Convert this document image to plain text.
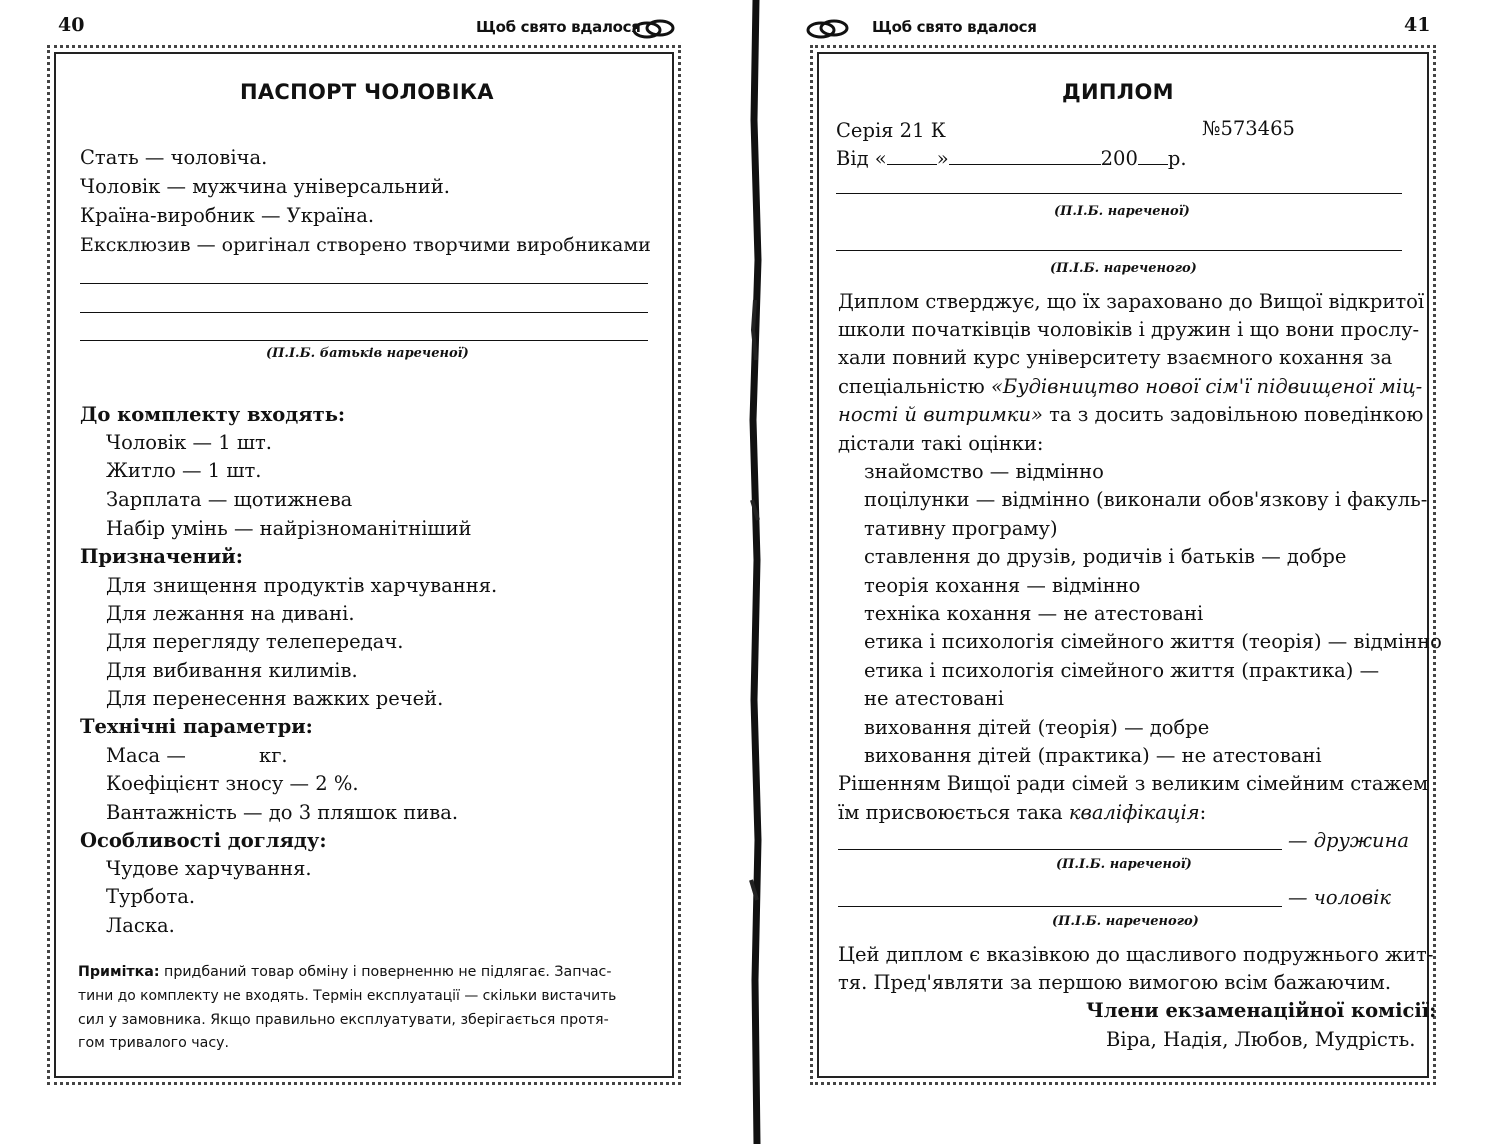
40	Щоб свято вдалося
ПАСПОРТ ЧОЛОВІКА
Стать — чоловіча.
Чоловік — мужчина універсальний.
Країна-виробник — Україна.
Ексклюзив — оригінал створено творчими виробниками
(П.І.Б. батьків нареченої)
До комплекту входять:
Чоловік — 1 шт.
Житло — 1 шт.
Зарплата — щотижнева
Набір умінь — найрізноманітніший
Призначений:
Для знищення продуктів харчування.
Для лежання на дивані.
Для перегляду телепередач.
Для вибивання килимів.
Для перенесення важких речей.
Технічні параметри:
Маса —	кг.
Коефіцієнт зносу — 2 %.
Вантажність — до 3 пляшок пива.
Особливості догляду:
Чудове харчування.
Турбота.
Ласка.
Примітка: придбаний товар обміну і поверненню не підлягає. Запчас-
тини до комплекту не входять. Термін експлуатації — скільки вистачить
сил у замовника. Якщо правильно експлуатувати, зберігається протя-
гом тривалого часу.
Щоб свято вдалося	41
ДИПЛОМ
Серія 21 К	№573465
Від «	»	200 р.
(П.І.Б. нареченої)
(П.І.Б. нареченого)
Диплом стверджує, що їх зараховано до Вищої відкритої
школи початківців чоловіків і дружин і що вони прослу-
хали повний курс університету взаємного кохання за
спеціальністю «Будівництво нової сім'ї підвищеної міц-
ності й витримки» та з досить задовільною поведінкою
дістали такі оцінки:
знайомство — відмінно
поцілунки — відмінно (виконали обов'язкову і факуль-
тативну програму)
ставлення до друзів, родичів і батьків — добре
теорія кохання — відмінно
техніка кохання — не атестовані
етика і психологія сімейного життя (теорія) — відмінно
етика і психологія сімейного життя (практика) —
не атестовані
виховання дітей (теорія) — добре
виховання дітей (практика) — не атестовані
Рішенням Вищої ради сімей з великим сімейним стажем
їм присвоюється така кваліфікація:
— дружина
(П.І.Б. нареченої)
— чоловік
(П.І.Б. нареченого)
Цей диплом є вказівкою до щасливого подружнього жит-
тя. Пред'являти за першою вимогою всім бажаючим.
Члени екзаменаційної комісії:
Віра, Надія, Любов, Мудрість.
